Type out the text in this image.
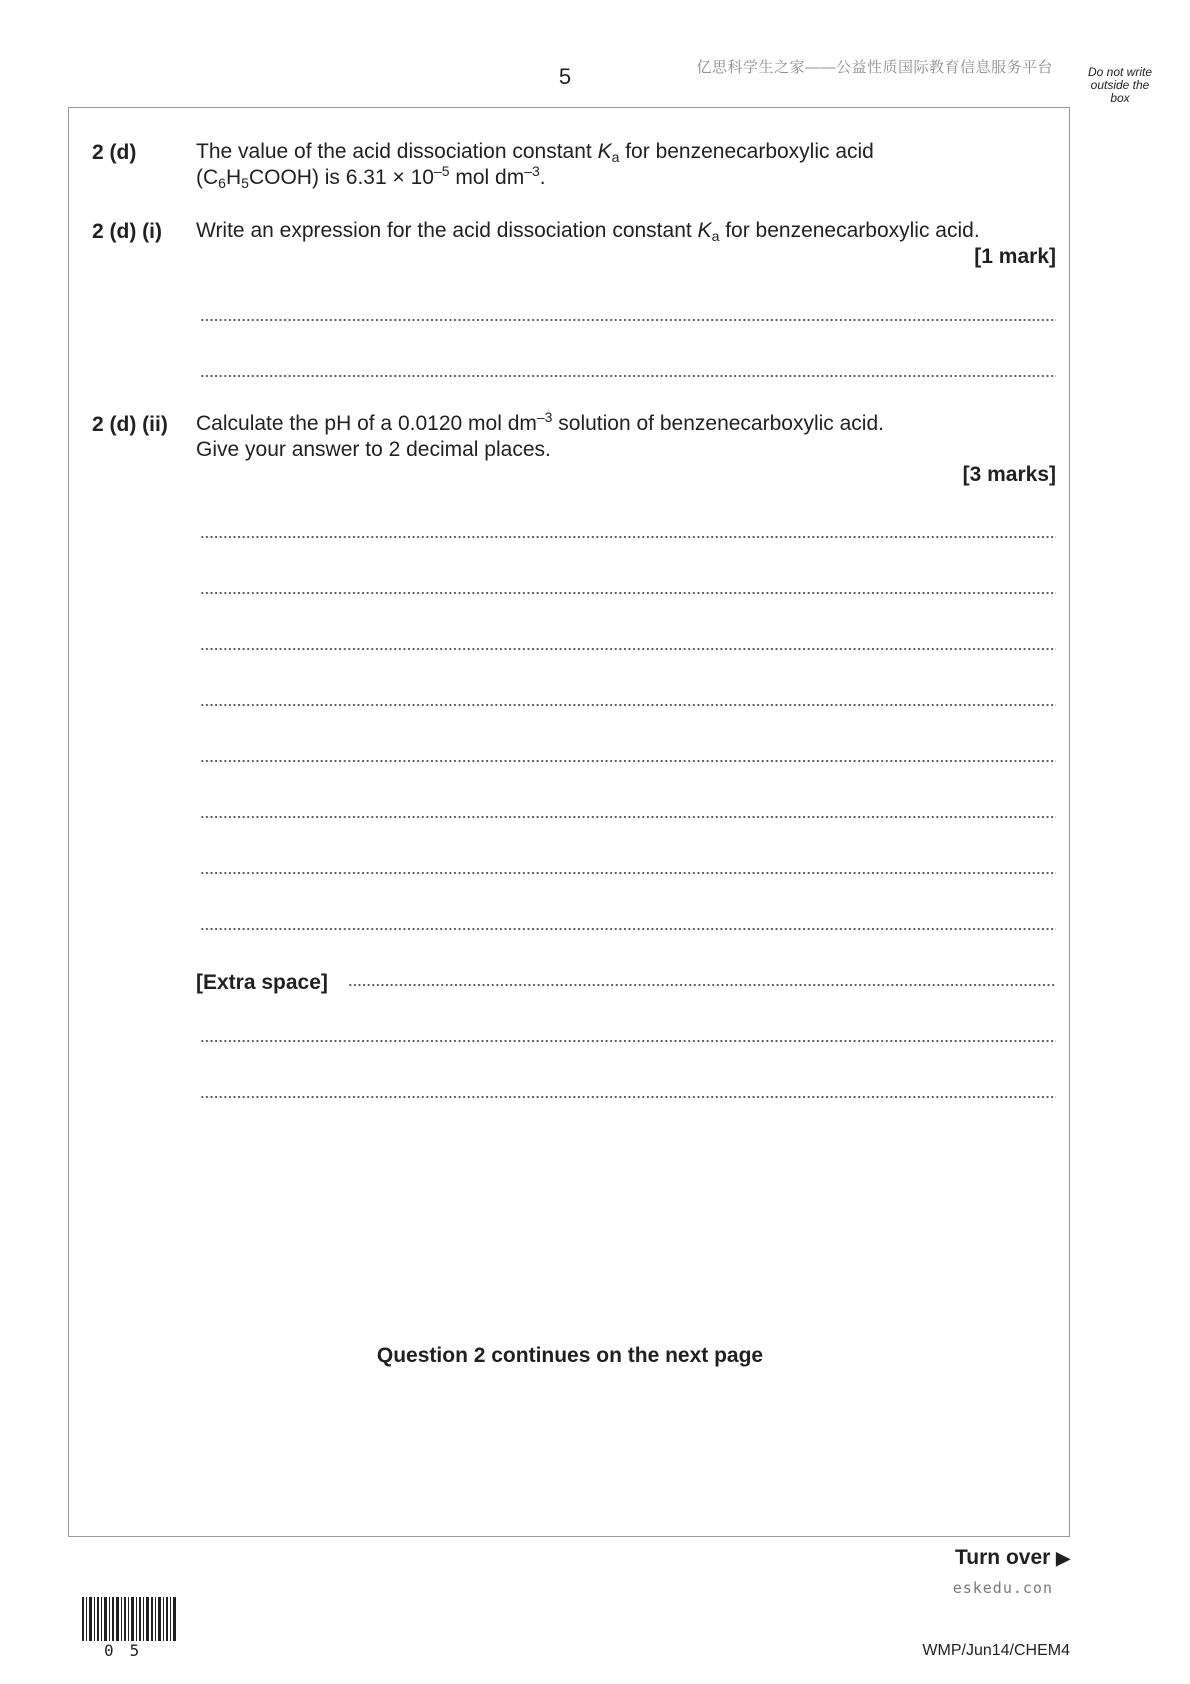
5	亿思科学生之家——公益性质国际教育信息服务平台	Do not write
outside the
box
2 (d)	The value of the acid dissociation constant $K_a$ for benzenecarboxylic acid
$(C_6H_5COOH)$ is $6.31 \times 10^{-5}$ mol $dm^{-3}$.
2 (d) (i) Write an expression for the acid dissociation constant $K_a$ for benzenecarboxylic acid.
[1 mark]
2 (d) (ii) Calculate the pH of a 0.0120 mol $dm^{-3}$ solution of benzenecarboxylic acid.
Give your answer to 2 decimal places.
[3 marks]
[Extra space]
Question 2 continues on the next page
Turn over ▶
eskedu.con
05	WMP/Jun14/CHEM4
